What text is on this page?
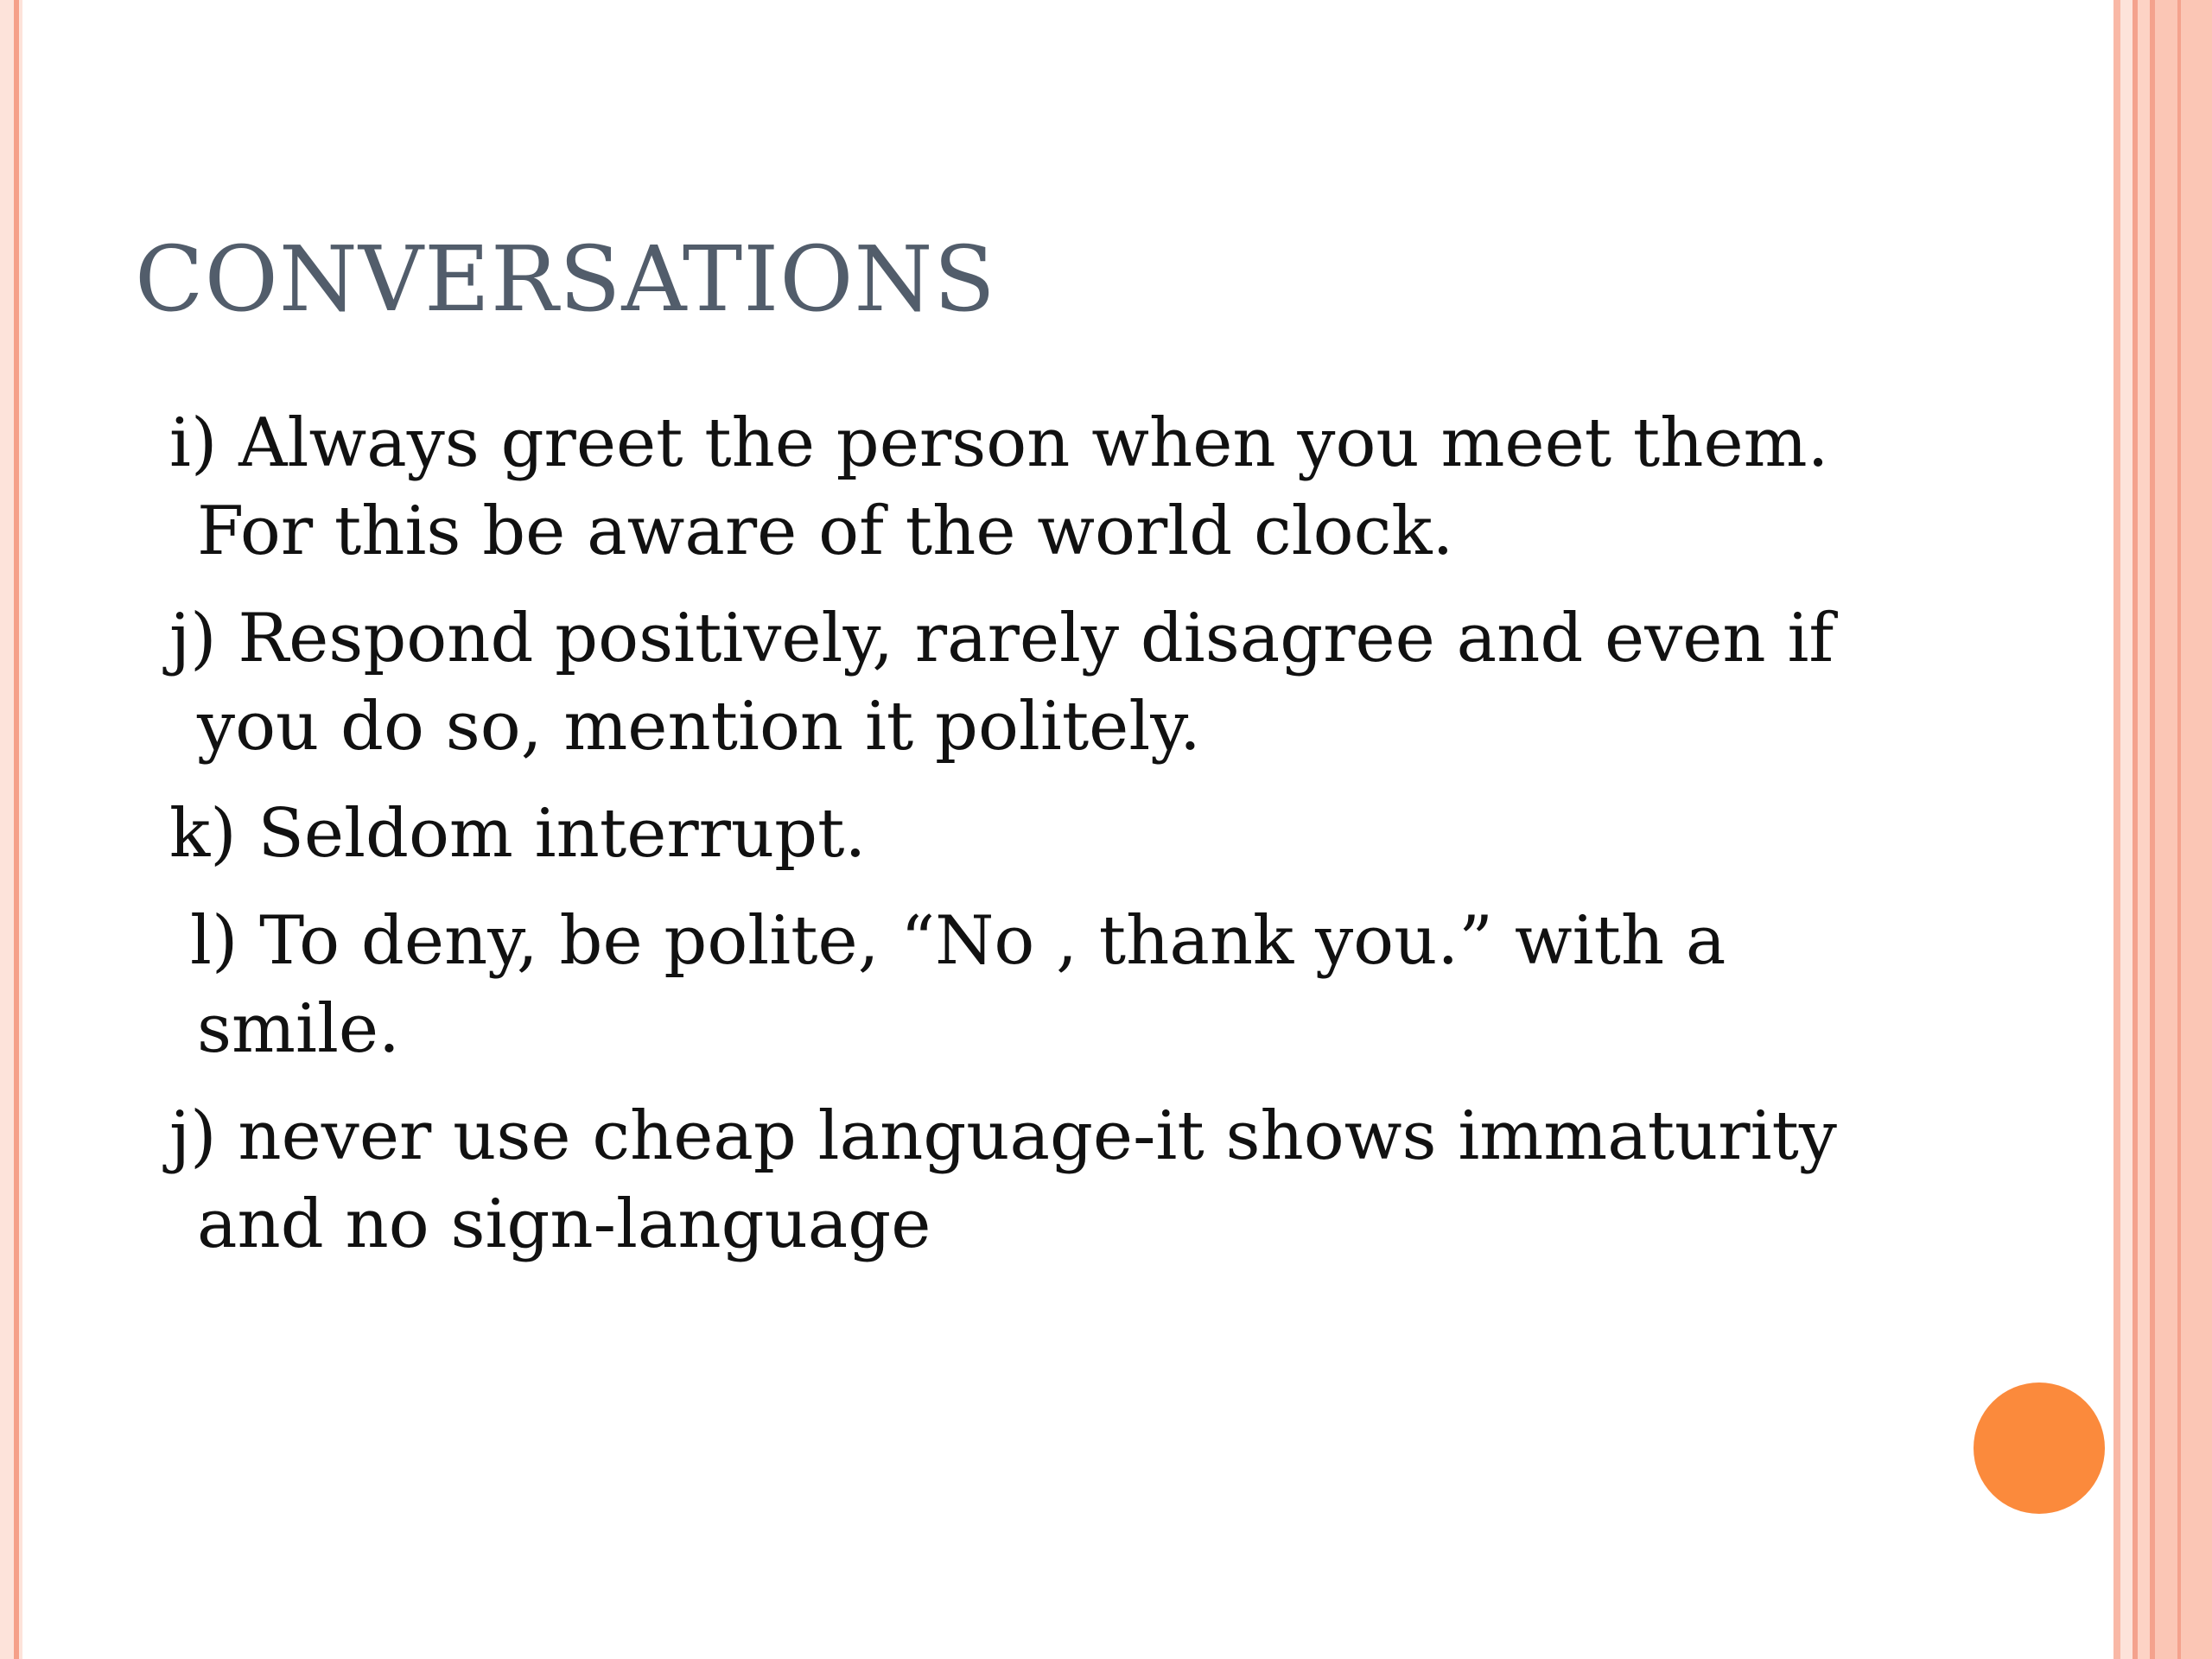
CONVERSATIONS
i) Always greet the person when you meet them. For this be aware of the world clock.
j) Respond positively, rarely disagree and even if you do so, mention it politely.
k) Seldom interrupt.
l) To deny, be polite, “No , thank you.” with a smile.
j) never use cheap language-it shows immaturity and no sign-language
